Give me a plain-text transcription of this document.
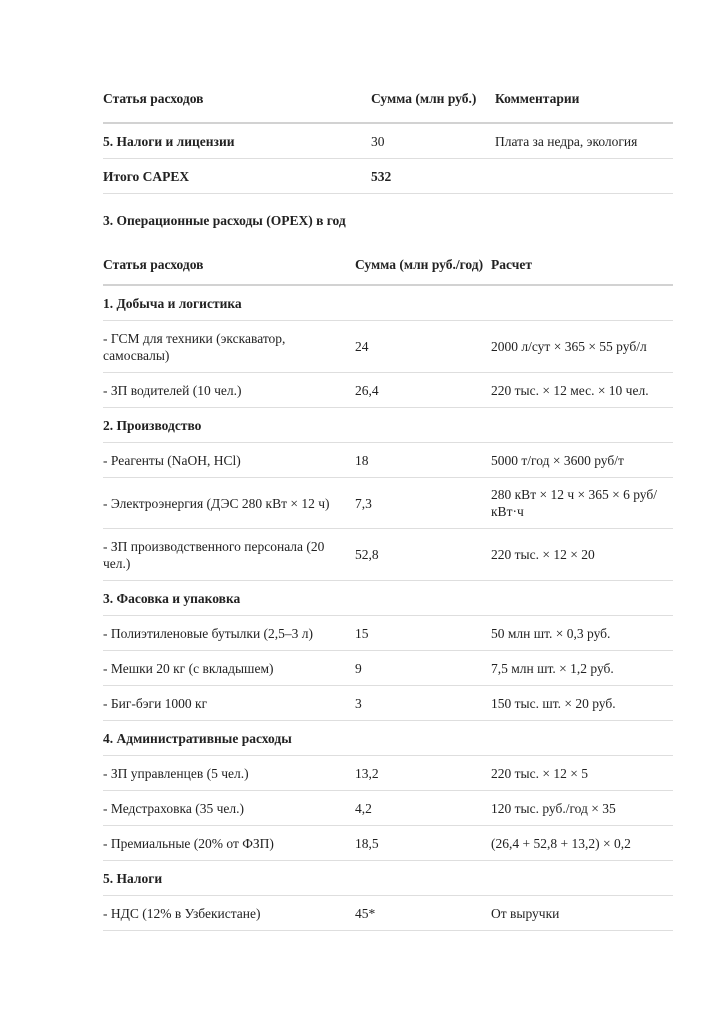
Статья расходов	Сумма (млн руб.)	Комментарии
5. Налоги и лицензии	30	Плата за недра, экология
Итого CAPEX	532	
3. Операционные расходы (OPEX) в год
Статья расходов	Сумма (млн руб./год)	Расчет
1. Добыча и логистика		
- ГСМ для техники (экскаватор, самосвалы)	24	2000 л/сут × 365 × 55 руб/л
- ЗП водителей (10 чел.)	26,4	220 тыс. × 12 мес. × 10 чел.
2. Производство		
- Реагенты (NaOH, HCl)	18	5000 т/год × 3600 руб/т
- Электроэнергия (ДЭС 280 кВт × 12 ч)	7,3	280 кВт × 12 ч × 365 × 6 руб/кВт·ч
- ЗП производственного персонала (20 чел.)	52,8	220 тыс. × 12 × 20
3. Фасовка и упаковка		
- Полиэтиленовые бутылки (2,5–3 л)	15	50 млн шт. × 0,3 руб.
- Мешки 20 кг (с вкладышем)	9	7,5 млн шт. × 1,2 руб.
- Биг-бэги 1000 кг	3	150 тыс. шт. × 20 руб.
4. Административные расходы		
- ЗП управленцев (5 чел.)	13,2	220 тыс. × 12 × 5
- Медстраховка (35 чел.)	4,2	120 тыс. руб./год × 35
- Премиальные (20% от ФЗП)	18,5	(26,4 + 52,8 + 13,2) × 0,2
5. Налоги		
- НДС (12% в Узбекистане)	45*	От выручки
